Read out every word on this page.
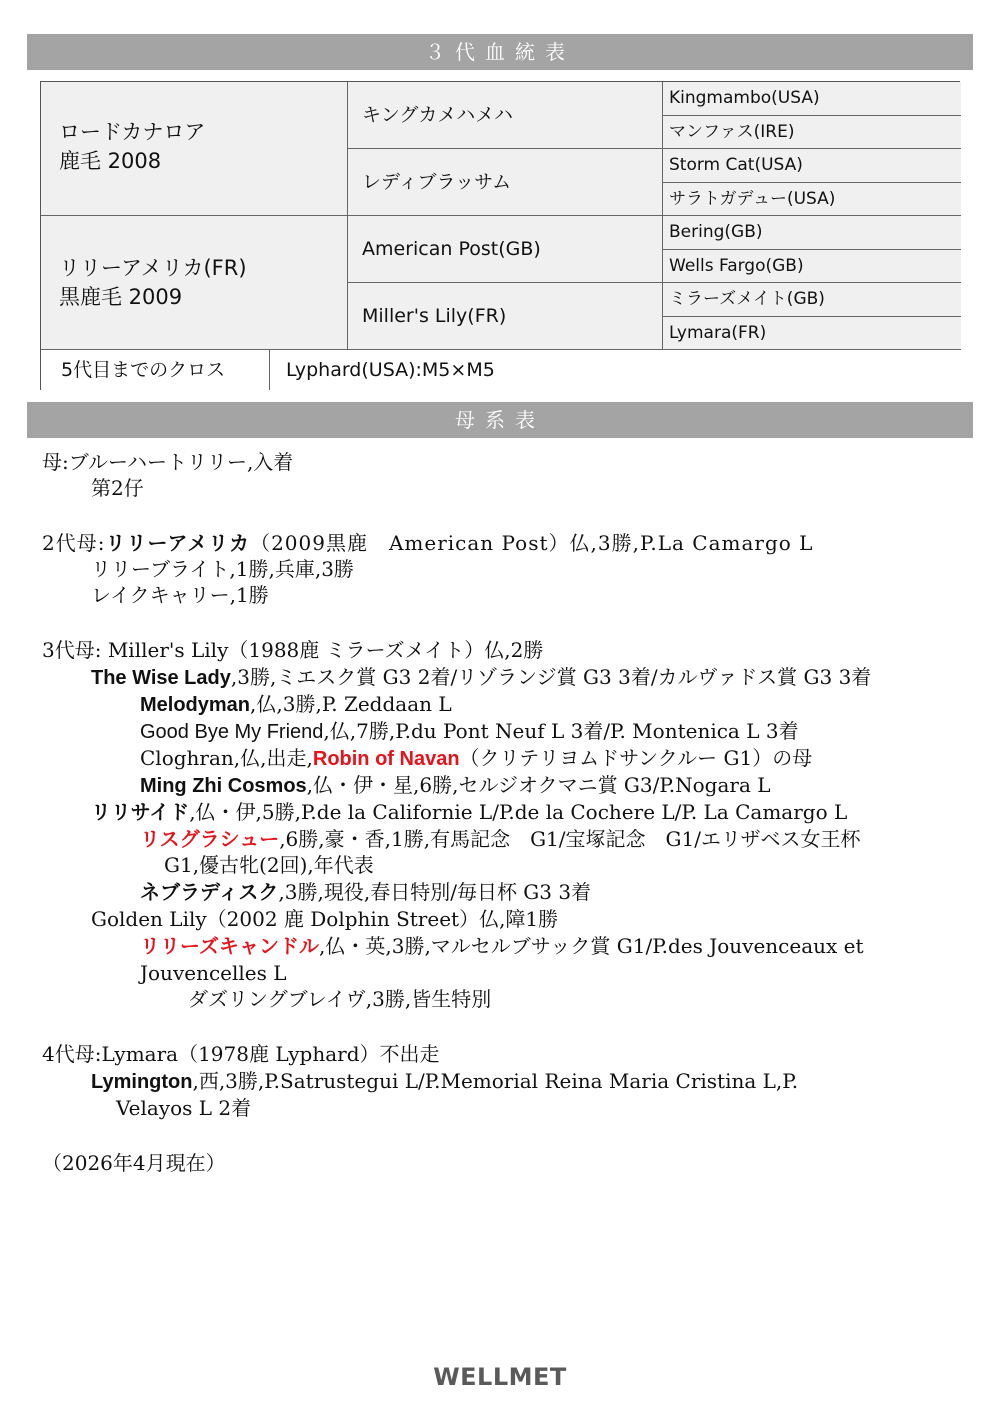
３代血統表
ロードカナロア
鹿毛 2008
キングカメハメハ
レディブラッサム
Kingmambo(USA)
マンファス(IRE)
Storm Cat(USA)
サラトガデュー(USA)
リリーアメリカ(FR)
黒鹿毛 2009
American Post(GB)
Miller's Lily(FR)
Bering(GB)
Wells Fargo(GB)
ミラーズメイト(GB)
Lymara(FR)
5代目までのクロス	Lyphard(USA):M5×M5
母系表
母:ブルーハートリリー,入着
第2仔
2代母:リリーアメリカ（2009黒鹿　American Post）仏,3勝,P.La Camargo L
リリーブライト,1勝,兵庫,3勝
レイクキャリー,1勝
3代母: Miller's Lily（1988鹿 ミラーズメイト）仏,2勝
The Wise Lady,3勝,ミエスク賞 G3 2着/リゾランジ賞 G3 3着/カルヴァドス賞 G3 3着
Melodyman,仏,3勝,P. Zeddaan L
Good Bye My Friend,仏,7勝,P.du Pont Neuf L 3着/P. Montenica L 3着
Cloghran,仏,出走,Robin of Navan（クリテリヨムドサンクルー G1）の母
Ming Zhi Cosmos,仏・伊・星,6勝,セルジオクマニ賞 G3/P.Nogara L
リリサイド,仏・伊,5勝,P.de la Californie L/P.de la Cochere L/P. La Camargo L
リスグラシュー,6勝,豪・香,1勝,有馬記念　G1/宝塚記念　G1/エリザベス女王杯
G1,優古牝(2回),年代表
ネブラディスク,3勝,現役,春日特別/毎日杯 G3 3着
Golden Lily（2002 鹿 Dolphin Street）仏,障1勝
リリーズキャンドル,仏・英,3勝,マルセルブサック賞 G1/P.des Jouvenceaux et
Jouvencelles L
ダズリングブレイヴ,3勝,皆生特別
4代母:Lymara（1978鹿 Lyphard）不出走
Lymington,西,3勝,P.Satrustegui L/P.Memorial Reina Maria Cristina L,P.
Velayos L 2着
（2026年4月現在）
WELLMET
